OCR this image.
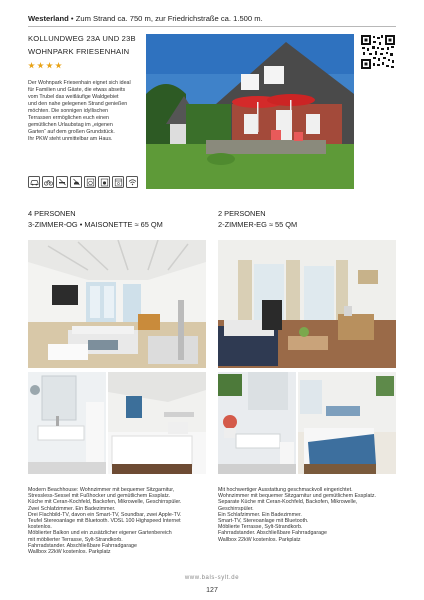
Westerland • Zum Strand ca. 750 m, zur Friedrichstraße ca. 1.500 m.
KOLLUNDWEG 23A UND 23B
WOHNPARK FRIESENHAIN
Der Wohnpark Friesenhain eignet sich ideal
für Familien und Gäste, die etwas abseits
vom Trubel das weitläufige Waldgebiet
und den nahe gelegenen Strand genießen
möchten. Die sonnigen idyllischen
Terrassen ermöglichen euch einen
gemütlichen Urlaubstag im „eigenen
Garten“ auf dem großen Grundstück.
Ihr PKW steht unmittelbar am Haus.
4 PERSONEN
3-ZIMMER-OG • MAISONETTE ≈ 65 QM
2 PERSONEN
2-ZIMMER-EG ≈ 55 QM
Modern Beachhouse: Wohnzimmer mit bequemer Sitzgarnitur,
Stressless-Sessel mit Fußhocker und gemütlichem Essplatz.
Küche mit Ceran-Kochfeld, Backofen, Mikrowelle, Geschirrspüler.
Zwei Schlafzimmer. Ein Badezimmer.
Drei Flachbild-TV, davon ein Smart-TV, Soundbar, zwei Apple-TV.
Teufel Stereoanlage mit Bluetooth. VDSL 100 Highspeed Internet
kostenlos.
Möblierter Balkon und ein zusätzlicher eigener Gartenbereich
mit möblierter Terrasse, Sylt-Strandkorb.
Fahrradstander. Abschließbare Fahrradgarage
Wallbox 22kW kostenlos. Parkplatz
Mit hochwertiger Ausstattung geschmackvoll eingerichtet.
Wohnzimmer mit bequemer Sitzgarnitur und gemütlichem Essplatz.
Separate Küche mit Ceran-Kochfeld, Backofen, Mikrowelle,
Geschirrspüler.
Ein Schlafzimmer. Ein Badezimmer.
Smart-TV, Stereoanlage mit Bluetooth.
Möblierte Terrasse, Sylt-Strandkorb.
Fahrradstander. Abschließbare Fahrradgarage
Wallbox 22kW kostenlos. Parkplatz
www.bals-sylt.de
127
